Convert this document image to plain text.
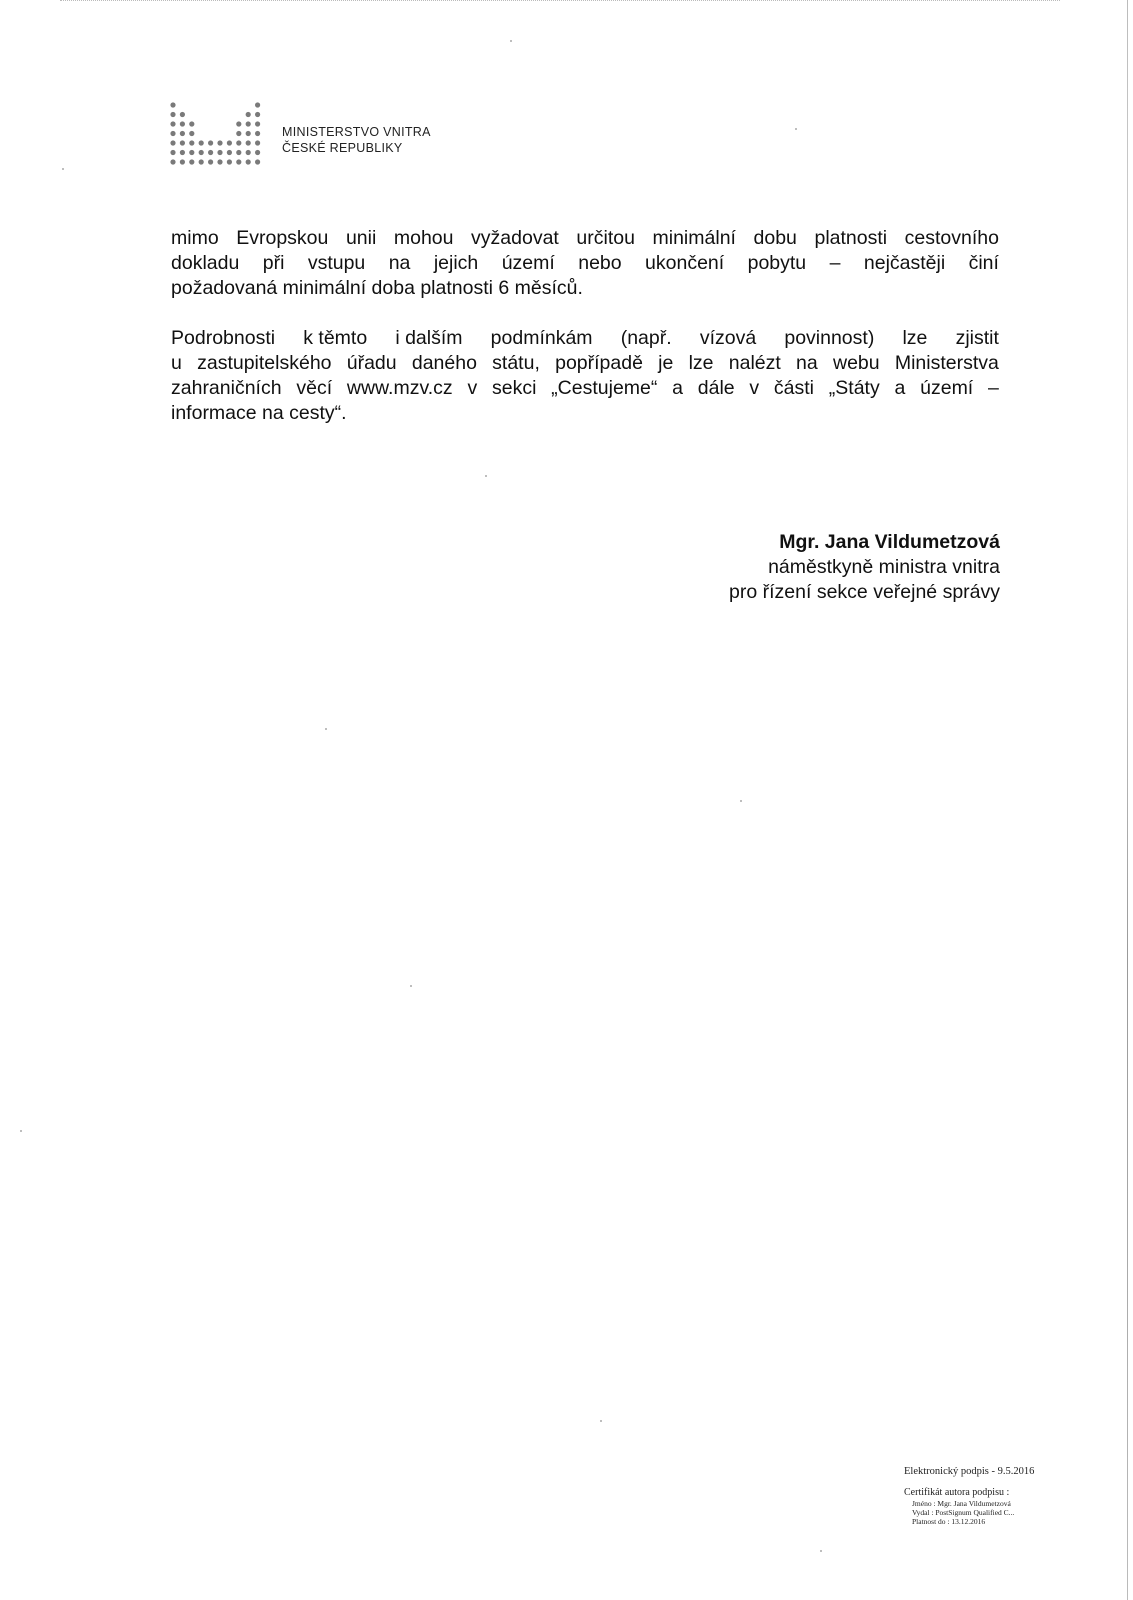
MINISTERSTVO VNITRA
ČESKÉ REPUBLIKY
mimo Evropskou unii mohou vyžadovat určitou minimální dobu platnosti cestovního
dokladu při vstupu na jejich území nebo ukončení pobytu – nejčastěji činí
požadovaná minimální doba platnosti 6 měsíců.
Podrobnosti k těmto i dalším podmínkám (např. vízová povinnost) lze zjistit
u zastupitelského úřadu daného státu, popřípadě je lze nalézt na webu Ministerstva
zahraničních věcí www.mzv.cz v sekci „Cestujeme“ a dále v části „Státy a území –
informace na cesty“.
Mgr. Jana Vildumetzová
náměstkyně ministra vnitra
pro řízení sekce veřejné správy
Elektronický podpis - 9.5.2016
Certifikát autora podpisu :
Jméno : Mgr. Jana Vildumetzová
Vydal : PostSignum Qualified C...
Platnost do : 13.12.2016
